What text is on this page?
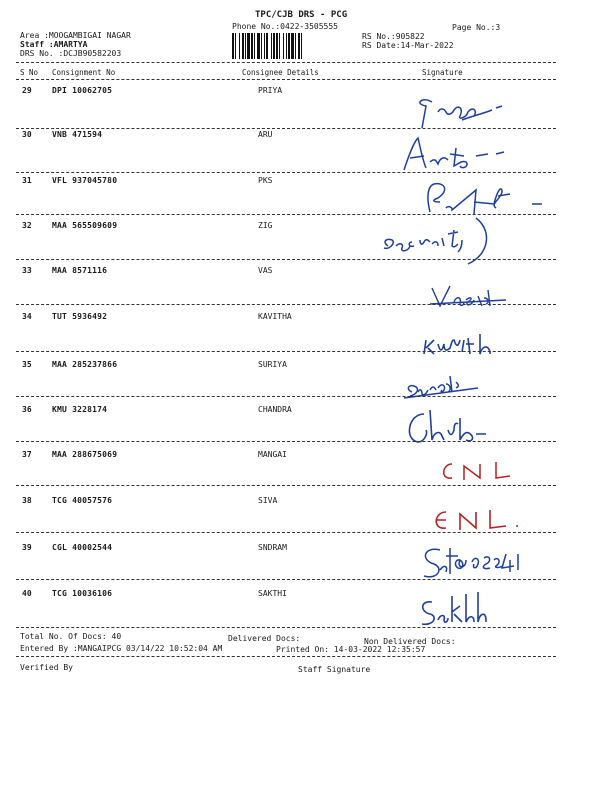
TPC/CJB DRS - PCG
Phone No.:0422-3505555	Page No.:3
Area :MOOGAMBIGAI NAGAR
Staff :AMARTYA
DRS No. :DCJB90582203
RS No.:905822
RS Date:14-Mar-2022
S No Consignment No	Consignee Details	Signature
29	DPI 10062705	PRIYA
30	VNB 471594	ARU
31	VFL 937045780	PKS
32	MAA 565509609	ZIG
33	MAA 8571116	VAS
34	TUT 5936492	KAVITHA
35	MAA 285237866	SURIYA
36	KMU 3228174	CHANDRA
37	MAA 288675069	MANGAI
38	TCG 40057576	SIVA
39	CGL 40002544	SNDRAM
40	TCG 10036106	SAKTHI
Total No. Of Docs: 40	Delivered Docs:	Non Delivered Docs:
Entered By :MANGAIPCG 03/14/22 10:52:04 AM	Printed On: 14-03-2022 12:35:57
Verified By	Staff Signature
